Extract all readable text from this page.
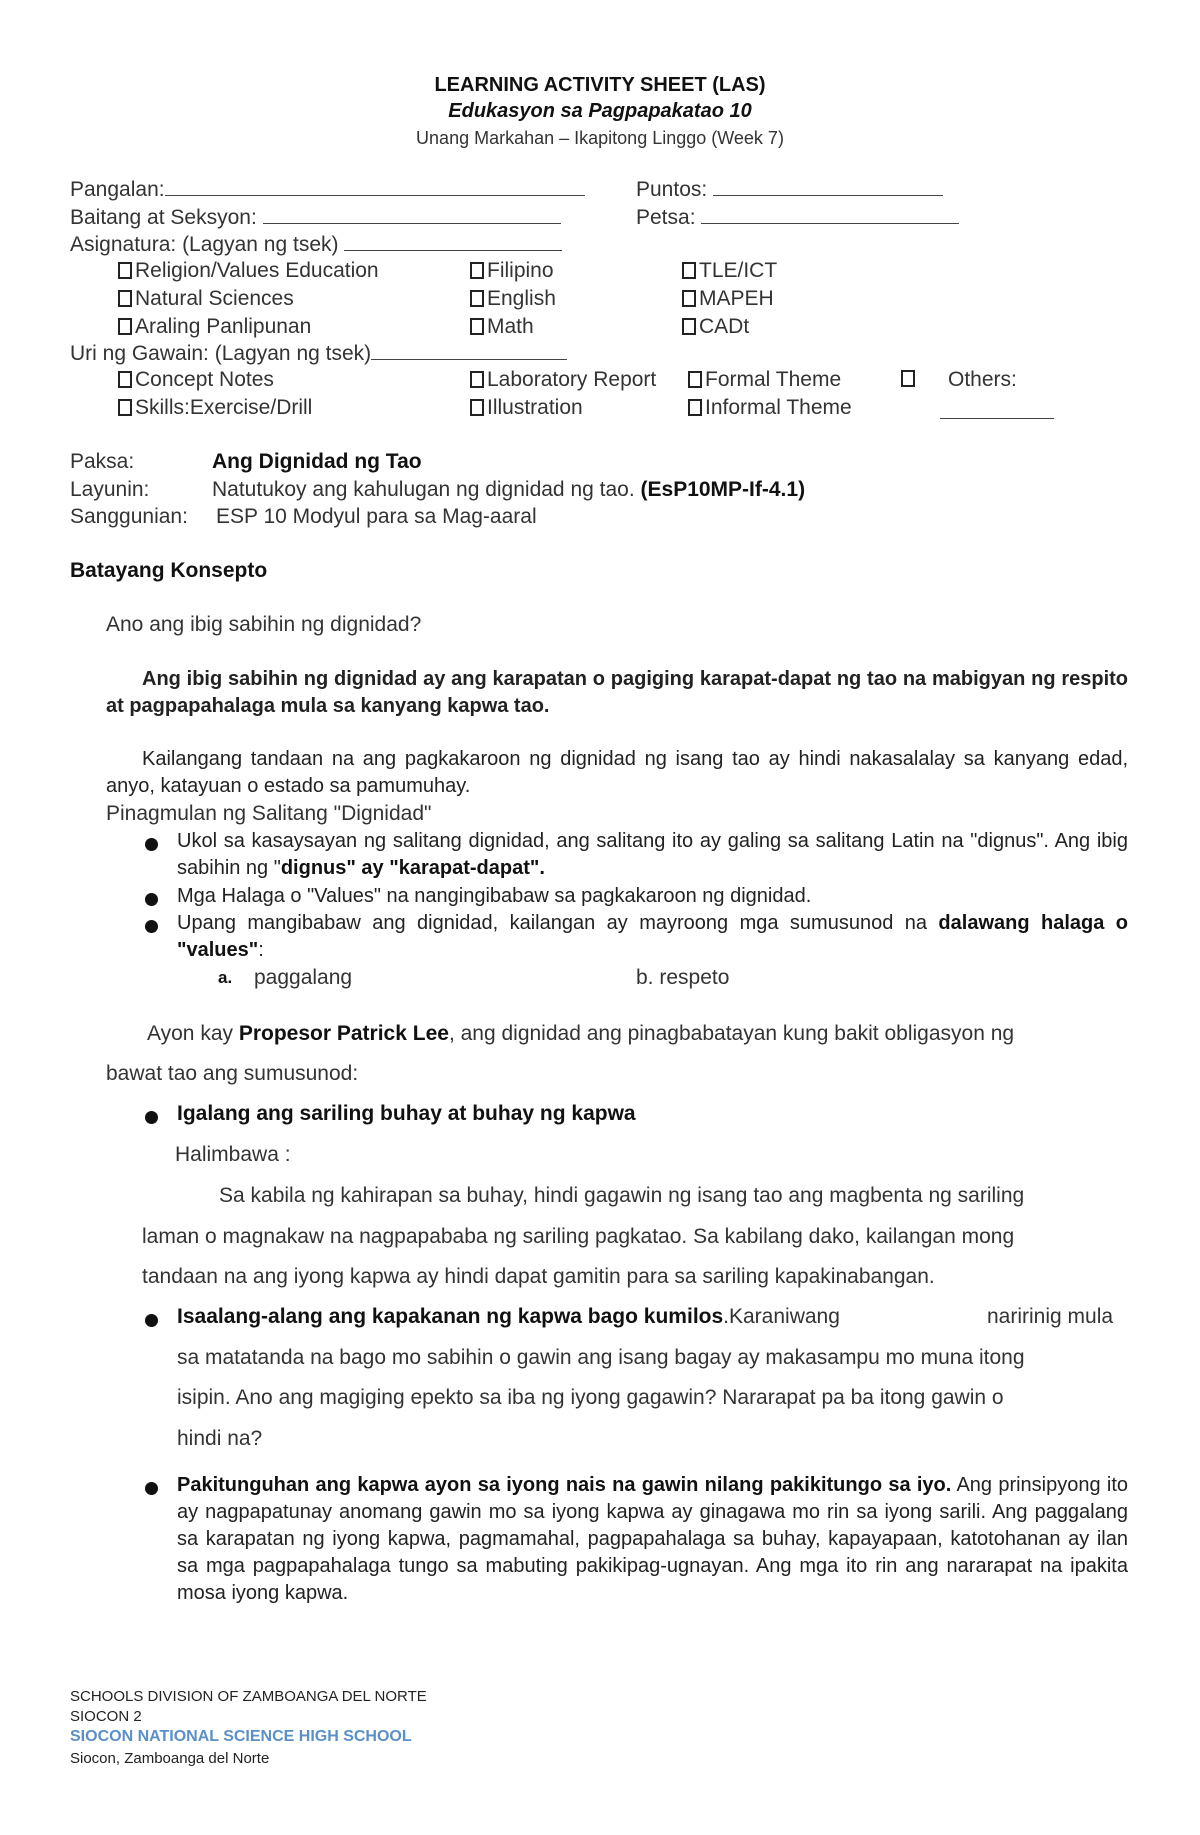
LEARNING ACTIVITY SHEET (LAS)
Edukasyon sa Pagpapakatao 10
Unang Markahan – Ikapitong Linggo (Week 7)
Pangalan:	Puntos:
Baitang at Seksyon:	Petsa:
Asignatura: (Lagyan ng tsek)
Religion/Values Education	Filipino	TLE/ICT
Natural Sciences	English	MAPEH
Araling Panlipunan	Math	CADt
Uri ng Gawain: (Lagyan ng tsek)
Concept Notes	Laboratory Report	Formal Theme	Others:
Skills:Exercise/Drill	Illustration	Informal Theme
Paksa:	Ang Dignidad ng Tao
Layunin:	Natutukoy ang kahulugan ng dignidad ng tao. (EsP10MP-If-4.1)
Sanggunian: ESP 10 Modyul para sa Mag-aaral
Batayang Konsepto
Ano ang ibig sabihin ng dignidad?
Ang ibig sabihin ng dignidad ay ang karapatan o pagiging karapat-dapat ng tao na mabigyan ng respito at pagpapahalaga mula sa kanyang kapwa tao.
Kailangang tandaan na ang pagkakaroon ng dignidad ng isang tao ay hindi nakasalalay sa kanyang edad, anyo, katayuan o estado sa pamumuhay.
Pinagmulan ng Salitang "Dignidad"
Ukol sa kasaysayan ng salitang dignidad, ang salitang ito ay galing sa salitang Latin na "dignus". Ang ibig sabihin ng "dignus" ay "karapat-dapat".
Mga Halaga o "Values" na nangingibabaw sa pagkakaroon ng dignidad.
Upang mangibabaw ang dignidad, kailangan ay mayroong mga sumusunod na dalawang halaga o "values":
a. paggalang	b. respeto
Ayon kay Propesor Patrick Lee, ang dignidad ang pinagbabatayan kung bakit obligasyon ng
bawat tao ang sumusunod:
Igalang ang sariling buhay at buhay ng kapwa
Halimbawa :
Sa kabila ng kahirapan sa buhay, hindi gagawin ng isang tao ang magbenta ng sariling
laman o magnakaw na nagpapababa ng sariling pagkatao. Sa kabilang dako, kailangan mong
tandaan na ang iyong kapwa ay hindi dapat gamitin para sa sariling kapakinabangan.
Isaalang-alang ang kapakanan ng kapwa bago kumilos.Karaniwang	naririnig mula
sa matatanda na bago mo sabihin o gawin ang isang bagay ay makasampu mo muna itong
isipin. Ano ang magiging epekto sa iba ng iyong gagawin? Nararapat pa ba itong gawin o
hindi na?
Pakitunguhan ang kapwa ayon sa iyong nais na gawin nilang pakikitungo sa iyo. Ang prinsipyong ito ay nagpapatunay anomang gawin mo sa iyong kapwa ay ginagawa mo rin sa iyong sarili. Ang paggalang sa karapatan ng iyong kapwa, pagmamahal, pagpapahalaga sa buhay, kapayapaan, katotohanan ay ilan sa mga pagpapahalaga tungo sa mabuting pakikipag-ugnayan. Ang mga ito rin ang nararapat na ipakita mosa iyong kapwa.
SCHOOLS DIVISION OF ZAMBOANGA DEL NORTE
SIOCON 2
SIOCON NATIONAL SCIENCE HIGH SCHOOL
Siocon, Zamboanga del Norte
